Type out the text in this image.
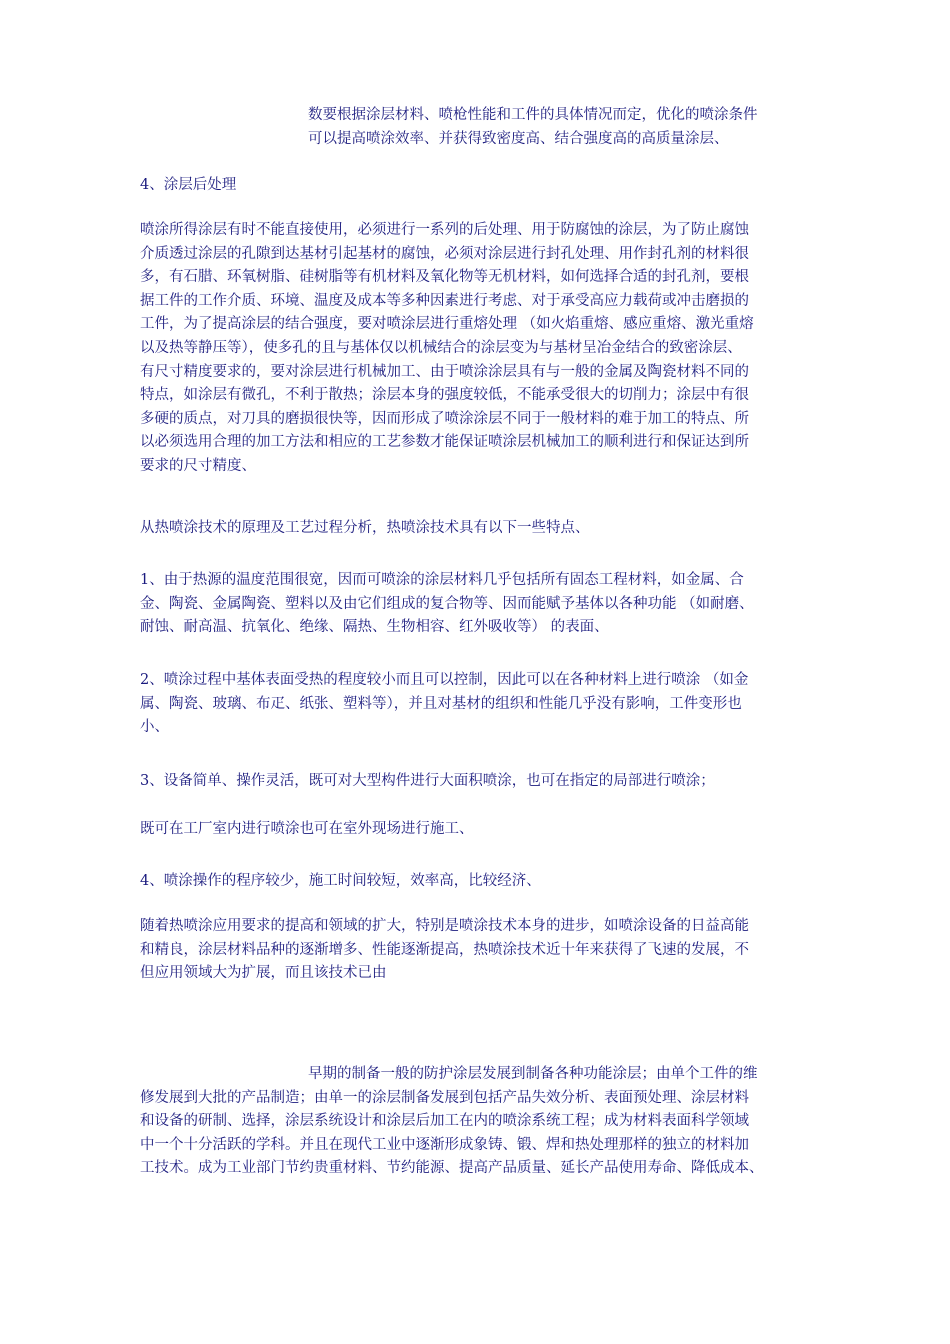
数要根据涂层材料、喷枪性能和工件的具体情况而定，优化的喷涂条件
可以提高喷涂效率、并获得致密度高、结合强度高的高质量涂层、
4、涂层后处理
喷涂所得涂层有时不能直接使用，必须进行一系列的后处理、用于防腐蚀的涂层，为了防止腐蚀
介质透过涂层的孔隙到达基材引起基材的腐蚀，必须对涂层进行封孔处理、用作封孔剂的材料很
多，有石腊、环氧树脂、硅树脂等有机材料及氧化物等无机材料，如何选择合适的封孔剂，要根
据工件的工作介质、环境、温度及成本等多种因素进行考虑、对于承受高应力载荷或冲击磨损的
工件，为了提高涂层的结合强度，要对喷涂层进行重熔处理 （如火焰重熔、感应重熔、激光重熔
以及热等静压等），使多孔的且与基体仅以机械结合的涂层变为与基材呈冶金结合的致密涂层、
有尺寸精度要求的，要对涂层进行机械加工、由于喷涂涂层具有与一般的金属及陶瓷材料不同的
特点，如涂层有微孔，不利于散热；涂层本身的强度较低，不能承受很大的切削力；涂层中有很
多硬的质点，对刀具的磨损很快等，因而形成了喷涂涂层不同于一般材料的难于加工的特点、所
以必须选用合理的加工方法和相应的工艺参数才能保证喷涂层机械加工的顺利进行和保证达到所
要求的尺寸精度、
从热喷涂技术的原理及工艺过程分析，热喷涂技术具有以下一些特点、
1、由于热源的温度范围很宽，因而可喷涂的涂层材料几乎包括所有固态工程材料，如金属、合
金、陶瓷、金属陶瓷、塑料以及由它们组成的复合物等、因而能赋予基体以各种功能 （如耐磨、
耐蚀、耐高温、抗氧化、绝缘、隔热、生物相容、红外吸收等） 的表面、
2、喷涂过程中基体表面受热的程度较小而且可以控制，因此可以在各种材料上进行喷涂 （如金
属、陶瓷、玻璃、布疋、纸张、塑料等），并且对基材的组织和性能几乎没有影响，工件变形也
小、
3、设备简单、操作灵活，既可对大型构件进行大面积喷涂，也可在指定的局部进行喷涂；
既可在工厂室内进行喷涂也可在室外现场进行施工、
4、喷涂操作的程序较少，施工时间较短，效率高，比较经济、
随着热喷涂应用要求的提高和领域的扩大，特别是喷涂技术本身的进步，如喷涂设备的日益高能
和精良，涂层材料品种的逐渐增多、性能逐渐提高，热喷涂技术近十年来获得了飞速的发展，不
但应用领域大为扩展，而且该技术已由
早期的制备一般的防护涂层发展到制备各种功能涂层；由单个工件的维
修发展到大批的产品制造；由单一的涂层制备发展到包括产品失效分析、表面预处理、涂层材料
和设备的研制、选择，涂层系统设计和涂层后加工在内的喷涂系统工程；成为材料表面科学领域
中一个十分活跃的学科。并且在现代工业中逐渐形成象铸、锻、焊和热处理那样的独立的材料加
工技术。成为工业部门节约贵重材料、节约能源、提高产品质量、延长产品使用寿命、降低成本、
